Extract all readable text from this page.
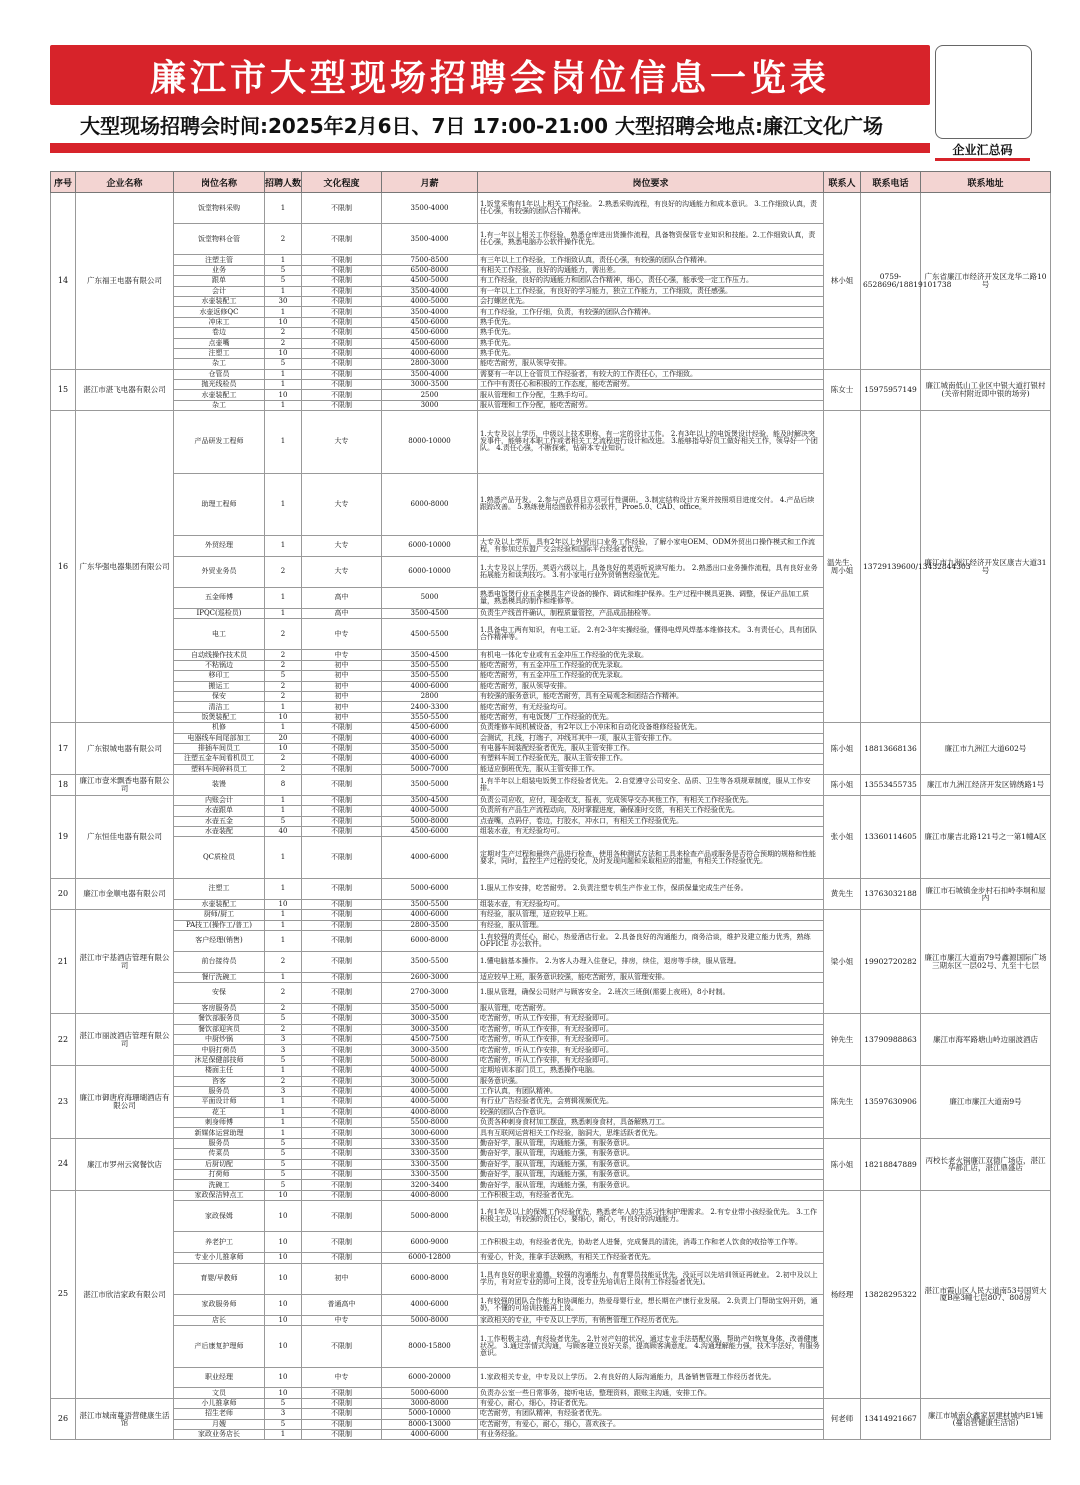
廉江市大型现场招聘会岗位信息一览表
大型现场招聘会时间:2025年2月6日、7日 17:00-21:00 大型招聘会地点:廉江文化广场
企业汇总码
序号	企业名称	岗位名称	招聘人数	文化程度	月薪	岗位要求	联系人	联系电话	联系地址
14	广东福王电器有限公司	饭堂物料采购	1	不限制	3500-4000	1.饭堂采购有1年以上相关工作经验。 2.熟悉采购流程，有良好的沟通能力和成本意识。 3.工作细致认真，责任心强，有较强的团队合作精神。	林小姐	0759-6528696/18819101738	广东省廉江市经济开发区龙华二路10号
		饭堂物料仓管	2	不限制	3500-4000	1.有一年以上相关工作经验，熟悉仓库进出货操作流程，具备物资保管专业知识和技能。2.工作细致认真，责任心强，熟悉电脑办公软件操作优先。			
		注塑主管	1	不限制	7500-8500	有三年以上工作经验，工作细致认真，责任心强，有较强的团队合作精神。			
		业务	5	不限制	6500-8000	有相关工作经验，良好的沟通能力，需出差。			
		跟单	5	不限制	4500-5000	有工作经验，良好的沟通能力和团队合作精神，细心，责任心强，能承受一定工作压力。			
		会计	1	不限制	3500-4000	有一年以上工作经验，有良好的学习能力，独立工作能力，工作细致，责任感强。			
		水壶装配工	30	不限制	4000-5000	会打螺丝优先。			
		水壶返修QC	1	不限制	3500-4000	有工作经验，工作仔细，负责，有较强的团队合作精神。			
		冲床工	10	不限制	4500-6000	熟手优先。			
		卷边	2	不限制	4500-6000	熟手优先。			
		点壶嘴	2	不限制	4500-6000	熟手优先。			
		注塑工	10	不限制	4000-6000	熟手优先。			
		杂工	5	不限制	2800-3000	能吃苦耐劳，服从领导安排。			
15	湛江市湛飞电器有限公司	仓管员	1	不限制	3500-4000	需要有一年以上仓管员工作经验者，有较大的工作责任心，工作细致。	陈女士	15975957149	廉江城南低山工业区中银大道打银村(关帝村附近即中银的场旁)
		抛光线检员	1	不限制	3000-3500	工作中有责任心和积极的工作态度，能吃苦耐劳。			
		水壶装配工	10	不限制	2500	服从管理和工作分配，生熟手均可。			
		杂工	1	不限制	3000	服从管理和工作分配，能吃苦耐劳。			
16	广东华强电器集团有限公司	产品研发工程师	1	大专	8000-10000	1.大专及以上学历，中级以上技术职称，有一定的设计工作。 2.有3年以上的电饭煲设计经验，能及时解决突发事件，能够对本职工作或者相关工艺流程进行设计和改进。 3.能够指导好员工做好相关工作，领导好一个团队。 4.责任心强，不断探索，钻研本专业知识。	温先生、周小姐	13729139600/13432844303	廉江市九洲江经济开发区康吉大道31号
		助理工程师	1	大专	6000-8000	1.熟悉产品开发。 2.参与产品项目立项可行性调研。 3.制定结构设计方案并按照项目进度交付。 4.产品后续跟踪改善。 5.熟练使用绘图软件和办公软件，Proe5.0、CAD、office。			
		外贸经理	1	大专	6000-10000	大专及以上学历，具有2年以上外贸出口业务工作经验，了解小家电OEM、ODM外贸出口操作模式和工作流程，有参加过东盟广交会经验和国际平台经验者优先。			
		外贸业务员	2	大专	6000-10000	1.大专及以上学历，英语六级以上，具备良好的英语听说读写能力。 2.熟悉出口业务操作流程，具有良好业务拓展能力和谈判技巧。 3.有小家电行业外贸销售经验优先。			
		五金师傅	1	高中	5000	熟悉电饭煲行业五金模具生产设备的操作、调试和维护保养。生产过程中模具更换、调整，保证产品加工质量，熟悉模具的制作和维修等。			
		IPQC(巡检员)	1	高中	3500-4500	负责生产线首件确认，制程质量管控，产品成品抽检等。			
		电工	2	中专	4500-5500	1.具备电工两有知识，有电工证。 2.有2-3年实操经验，懂得电焊风焊基本维修技术。 3.有责任心，具有团队合作精神等。			
		自动线操作技术员	2	中专	3500-4500	有机电一体化专业或有五金冲压工作经验的优先录取。			
		不粘锅边	2	初中	3500-5500	能吃苦耐劳，有五金冲压工作经验的优先录取。			
		移印工	5	初中	3500-5500	能吃苦耐劳，有五金冲压工作经验的优先录取。			
		搬运工	2	初中	4000-6000	能吃苦耐劳，服从领导安排。			
		保安	2	初中	2800	有较强的服务意识，能吃苦耐劳，具有全局观念和团结合作精神。			
		清洁工	1	初中	2400-3300	能吃苦耐劳，有无经验均可。			
		饭煲装配工	10	初中	3550-5500	能吃苦耐劳，有电饭煲厂工作经验的优先。			
17	广东银城电器有限公司	机修	1	不限制	4500-6000	负责维修车间机械设备，有2年以上小冲床和自动化设备维修经验优先。	陈小姐	18813668136	廉江市九洲江大道602号
		电器线车间尾部加工	20	不限制	4000-6000	会测试，扎线，打端子，冲线耳其中一项，服从主管安排工作。			
		排插车间员工	10	不限制	3500-5000	有电器车间装配经验者优先，服从主管安排工作。			
		注塑五金车间看机员工	2	不限制	4000-6000	有塑料车间工作经验优先，服从主管安排工作。			
		塑料车间碎料员工	2	不限制	5000-7000	能适应倒班优先，服从主管安排工作。			
18	廉江市壹米飘香电器有限公司	装馒	8	不限制	3500-5000	1.有半年以上组装电饭煲工作经验者优先。 2.自觉遵守公司安全、品质、卫生等各项规章制度，服从工作安排。	陈小姐	13553455735	廉江市九洲江经济开发区锦绣路1号
19	广东恒佳电器有限公司	内账会计	1	不限制	3500-4500	负责公司应收，应付，现金收支，报表，完成领导交办其他工作，有相关工作经验优先。	张小姐	13360114605	廉江市廉吉北路121号之一第1幢A区
		水壶跟单	1	不限制	4000-5000	负责所有产品生产流程动向，及时掌握进度，确保准时交货，有相关工作经验优先。			
		水壶五金	5	不限制	5000-8000	点壶嘴，点码仔，卷边，打胶水，冲水口，有相关工作经验优先。			
		水壶装配	40	不限制	4500-6000	组装水壶，有无经验均可。			
		QC质检员	1	不限制	4000-6000	定期对生产过程和最终产品进行检查，使用各种测试方法和工具来检查产品或服务是否符合预期的规格和性能要求，同时，监控生产过程的变化，及时发现问题和采取相应的措施，有相关工作经验优先。			
20	廉江市金顺电器有限公司	注塑工	1	不限制	5000-6000	1.服从工作安排，吃苦耐劳。 2.负责注塑专机生产作业工作，保质保量完成生产任务。	黄先生	13763032188	廉江市石城镇金步村石扣岭李垌和屋内
		水壶装配工	10	不限制	3500-5500	组装水壶，有无经验均可。			
21	湛江市宇基酒店管理有限公司	厨师/厨工	1	不限制	4000-6000	有经验，服从管理，适应较早上班。	梁小姐	19902720282	廉江市廉江大道南79号鑫源国际广场三期东区一层02号、九至十七层
		PA技工(操作工/普工)	1	不限制	2800-3500	有经验，服从管理。			
		客户经理(销售)	1	不限制	6000-8000	1.有较强的责任心，耐心，热爱酒店行业。 2.具备良好的沟通能力，商务洽谈，维护及建立能力优秀，熟练 OFFICE 办公软件。			
		前台接待员	2	不限制	3500-5500	1.懂电脑基本操作。 2.为客人办理入住登记，排房，续住，退房等手续，服从管理。			
		餐厅洗碗工	1	不限制	2600-3000	适应较早上班，服务意识较强，能吃苦耐劳，服从管理安排。			
		安保	2	不限制	2700-3000	1.服从管理，确保公司财产与顾客安全。 2.班次三班倒(需要上夜班)，8小时制。			
		客房服务员	2	不限制	3500-5000	服从管理，吃苦耐劳。			
22	湛江市丽波酒店管理有限公司	餐饮部服务员	5	不限制	3000-3500	吃苦耐劳，听从工作安排，有无经验即可。	钟先生	13790988863	廉江市海军路塘山岭边丽波酒店
		餐饮部迎宾员	2	不限制	3000-3500	吃苦耐劳，听从工作安排，有无经验即可。			
		中厨炒锅	3	不限制	4500-7500	吃苦耐劳，听从工作安排，有无经验即可。			
		中厨打荷员	3	不限制	3000-3500	吃苦耐劳，听从工作安排，有无经验即可。			
		沐足保健部技师	5	不限制	5000-8000	吃苦耐劳，听从工作安排，有无经验即可。			
23	廉江市御唐府海珊瑚酒店有限公司	楼面主任	1	不限制	4000-5000	定期培训本部门员工，熟悉操作电脑。	陈先生	13597630906	廉江市廉江大道南9号
		咨客	2	不限制	3000-5000	服务意识强。			
		服务员	3	不限制	4000-5000	工作认真，有团队精神。			
		平面设计师	1	不限制	4000-5000	有行业广告经验者优先，会剪辑视频优先。			
		花王	1	不限制	4000-8000	较强的团队合作意识。			
		刺身师傅	1	不限制	5500-8000	负责各种刺身食材加工摆盘，熟悉刺身食材，具备解熟刀工。			
		新媒体运营助理	1	不限制	3000-6000	具有互联网运营相关工作经验，脑洞大，思维活跃者优先。			
24	廉江市罗州云窝餐饮店	服务员	5	不限制	3300-3500	勤奋好学，服从管理，沟通能力强，有服务意识。	陈小姐	18218847889	丙校长老火锅廉江双德广场店，湛江华都汇店，湛江鼎盛店
		传菜员	5	不限制	3300-3500	勤奋好学，服从管理，沟通能力强，有服务意识。			
		后厨切配	5	不限制	3300-3500	勤奋好学，服从管理，沟通能力强，有服务意识。			
		打荷师	5	不限制	3300-3500	勤奋好学，服从管理，沟通能力强，有服务意识。			
		洗碗工	5	不限制	3200-3400	勤奋好学，服从管理，沟通能力强，有服务意识。			
25	湛江市欣洁家政有限公司	家政保洁钟点工	10	不限制	4000-8000	工作积极主动，有经验者优先。	杨经理	13828295322	湛江市霞山区人民大道南53号国贸大厦B座3幢七层807、808房
		家政保姆	10	不限制	5000-8000	1.有1年及以上的保姆工作经验优先，熟悉老年人的生活习性和护理需求。 2.有专业带小孩经验优先。 3.工作积极主动，有较强的责任心，要细心，耐心，有良好的沟通能力。			
		养老护工	10	不限制	6000-9000	工作积极主动，有经验者优先，协助老人进餐，完成餐具的清洗，消毒工作和老人饮食的收拾等工作等。			
		专业小儿推拿师	10	不限制	6000-12800	有爱心，针灸，推拿手法娴熟，有相关工作经验者优先。			
		育婴/早教师	10	初中	6000-8000	1.具有良好的职业道德，较强的沟通能力，有育婴员技能证优先，没证可以先培训领证再就业。 2.初中及以上学历，有对应专业的即可上岗，没专业先培训后上岗(有工作经验者优先)。			
		家政服务师	10	普通高中	4000-6000	1.有较强的团队合作能力和协调能力，热爱母婴行业，想长期在产康行业发展。 2.负责上门帮助宝妈开奶，通奶，不懂的可培训技能再上岗。			
		店长	10	中专	5000-8000	家政相关的专业，中专及以上学历，有销售管理工作经历者优先。			
		产后康复护理师	10	不限制	8000-15800	1.工作积极主动，有经验者优先。 2.针对产妇的状况，通过专业手法搭配仪器，帮助产妇恢复身体，改善健康状况。 3.通过亲情式沟通，与顾客建立良好关系，提高顾客满意度。 4.沟通理解能力强，技术手法好，有服务意识。			
		职业经理	10	中专	6000-20000	1.家政相关专业，中专及以上学历。 2.有良好的人际沟通能力，具备销售管理工作经历者优先。			
		文员	10	不限制	5000-6000	负责办公室一些日常事务，接听电话，整理资料，跟账主沟通，安排工作。			
26	湛江市城南蔓语营健康生活馆	小儿推拿师	5	不限制	3000-8000	有爱心，耐心，细心，持证者优先。	何老师	13414921667	廉江市城南众鑫家居建材城内E1铺(蔓语营健康生活馆)
		招生老师	3	不限制	5000-10000	吃苦耐劳，有团队精神，有经验者优先。			
		月嫂	5	不限制	8000-13000	吃苦耐劳，有爱心，耐心，细心，喜欢孩子。			
		家政业务店长	1	不限制	4000-6000	有业务经验。			
